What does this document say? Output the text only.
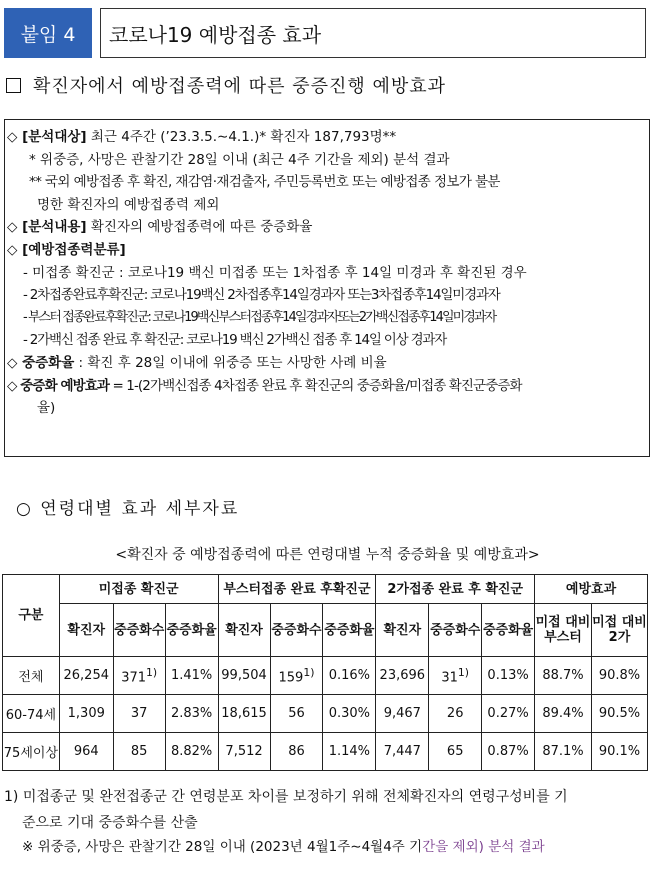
붙임 4	코로나19 예방접종 효과
확진자에서 예방접종력에 따른 중증진행 예방효과
◇ [분석대상] 최근 4주간 (’23.3.5.∼4.1.)* 확진자 187,793명**
* 위중증, 사망은 관찰기간 28일 이내 (최근 4주 기간을 제외) 분석 결과
** 국외 예방접종 후 확진, 재감염·재검출자, 주민등록번호 또는 예방접종 정보가 불분
명한 확진자의 예방접종력 제외
◇ [분석내용] 확진자의 예방접종력에 따른 중증화율
◇ [예방접종력분류]
- 미접종 확진군 : 코로나19 백신 미접종 또는 1차접종 후 14일 미경과 후 확진된 경우
- 2차접종완료후확진군: 코로나19백신 2차접종후14일경과자 또는3차접종후14일미경과자
- 부스터 접종완료후확진군: 코로나19백신부스터접종후14일경과자또는2가백신접종후14일미경과자
- 2가백신 접종 완료 후 확진군: 코로나19 백신 2가백신 접종 후 14일 이상 경과자
◇ 중증화율 : 확진 후 28일 이내에 위중증 또는 사망한 사례 비율
◇ 중증화 예방효과 = 1-(2가백신접종 4차접종 완료 후 확진군의 중증화율/미접종 확진군중증화
율)
○ 연령대별 효과 세부자료
<확진자 중 예방접종력에 따른 연령대별 누적 중증화율 및 예방효과>
구분	미접종 확진군			부스터접종 완료 후확진군			2가접종 완료 후 확진군			예방효과	
	확진자	중증화수	중증화율	확진자	중증화수	중증화율	확진자	중증화수	중증화율	미접 대비 부스터	미접 대비 2가
전체	26,254	371$^{1)}$	1.41%	99,504	159$^{1)}$	0.16%	23,696	31$^{1)}$	0.13%	88.7%	90.8%
60-74세	1,309	37	2.83%	18,615	56	0.30%	9,467	26	0.27%	89.4%	90.5%
75세이상	964	85	8.82%	7,512	86	1.14%	7,447	65	0.87%	87.1%	90.1%
1) 미접종군 및 완전접종군 간 연령분포 차이를 보정하기 위해 전체확진자의 연령구성비를 기
준으로 기대 중증화수를 산출
※ 위중증, 사망은 관찰기간 28일 이내 (2023년 4월1주∼4월4주 기간을 제외) 분석 결과
